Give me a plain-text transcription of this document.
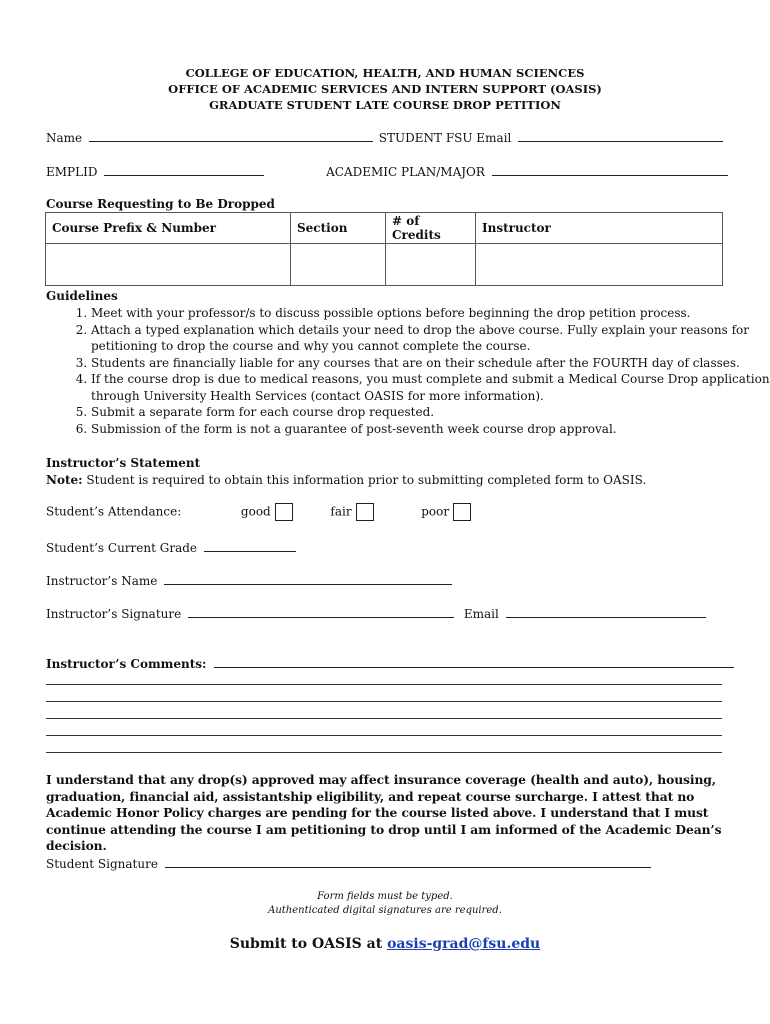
COLLEGE OF EDUCATION, HEALTH, AND HUMAN SCIENCES
OFFICE OF ACADEMIC SERVICES AND INTERN SUPPORT (OASIS)
GRADUATE STUDENT LATE COURSE DROP PETITION
Name	STUDENT FSU Email
EMPLID	ACADEMIC PLAN/MAJOR
Course Requesting to Be Dropped
Course Prefix & Number	Section	# of Credits	Instructor

Guidelines
1. Meet with your professor/s to discuss possible options before beginning the drop petition process.
2. Attach a typed explanation which details your need to drop the above course. Fully explain your reasons for petitioning to drop the course and why you cannot complete the course.
3. Students are financially liable for any courses that are on their schedule after the FOURTH day of classes.
4. If the course drop is due to medical reasons, you must complete and submit a Medical Course Drop application through University Health Services (contact OASIS for more information).
5. Submit a separate form for each course drop requested.
6. Submission of the form is not a guarantee of post-seventh week course drop approval.
Instructor’s Statement
Note: Student is required to obtain this information prior to submitting completed form to OASIS.
Student’s Attendance:	good	fair	poor
Student’s Current Grade
Instructor’s Name
Instructor’s Signature	Email
Instructor’s Comments:
I understand that any drop(s) approved may affect insurance coverage (health and auto), housing, graduation, financial aid, assistantship eligibility, and repeat course surcharge. I attest that no Academic Honor Policy charges are pending for the course listed above. I understand that I must continue attending the course I am petitioning to drop until I am informed of the Academic Dean’s decision.
Student Signature
Form fields must be typed.
Authenticated digital signatures are required.
Submit to OASIS at oasis-grad@fsu.edu
